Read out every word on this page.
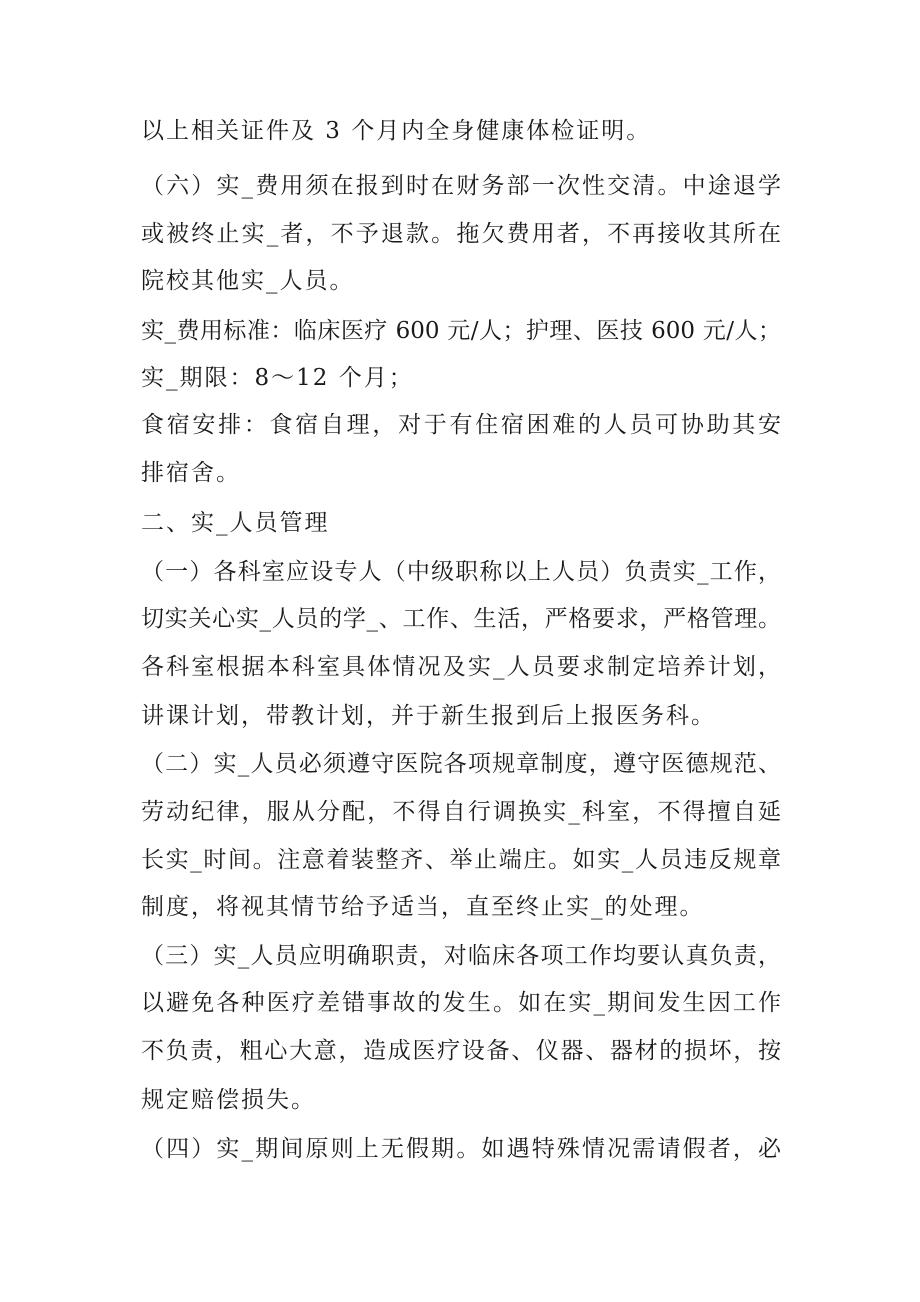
以上相关证件及 3 个月内全身健康体检证明。
（六）实_费用须在报到时在财务部一次性交清。中途退学
或被终止实_者，不予退款。拖欠费用者，不再接收其所在
院校其他实_人员。
实_费用标准：临床医疗 600 元/人；护理、医技 600 元/人；
实_期限：8～12 个月；
食宿安排：食宿自理，对于有住宿困难的人员可协助其安
排宿舍。
二、实_人员管理
（一）各科室应设专人（中级职称以上人员）负责实_工作，
切实关心实_人员的学_、工作、生活，严格要求，严格管理。
各科室根据本科室具体情况及实_人员要求制定培养计划，
讲课计划，带教计划，并于新生报到后上报医务科。
（二）实_人员必须遵守医院各项规章制度，遵守医德规范、
劳动纪律，服从分配，不得自行调换实_科室，不得擅自延
长实_时间。注意着装整齐、举止端庄。如实_人员违反规章
制度，将视其情节给予适当，直至终止实_的处理。
（三）实_人员应明确职责，对临床各项工作均要认真负责，
以避免各种医疗差错事故的发生。如在实_期间发生因工作
不负责，粗心大意，造成医疗设备、仪器、器材的损坏，按
规定赔偿损失。
（四）实_期间原则上无假期。如遇特殊情况需请假者，必
